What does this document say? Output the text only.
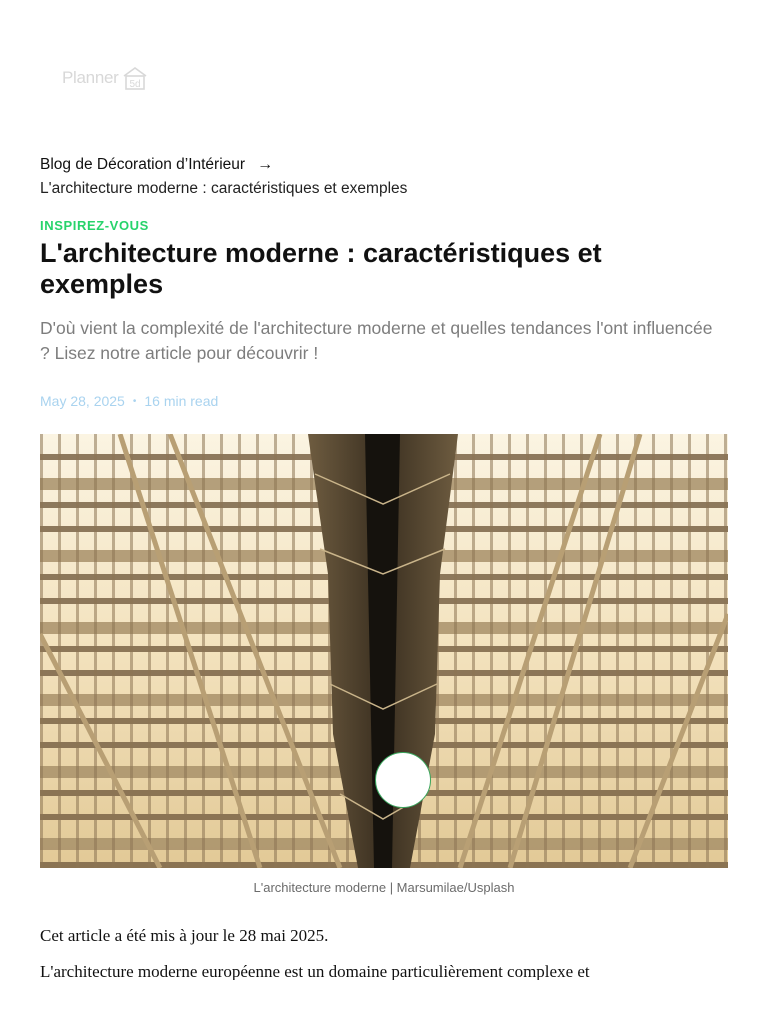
Planner 5d
Blog de Décoration d’Intérieur →
L'architecture moderne : caractéristiques et exemples
INSPIREZ-VOUS
L'architecture moderne : caractéristiques et exemples

D'où vient la complexité de l'architecture moderne et quelles tendances l'ont influencée ? Lisez notre article pour découvrir !

May 28, 2025 • 16 min read
L'architecture moderne | Marsumilae/Usplash

Cet article a été mis à jour le 28 mai 2025.

L'architecture moderne européenne est un domaine particulièrement complexe et
